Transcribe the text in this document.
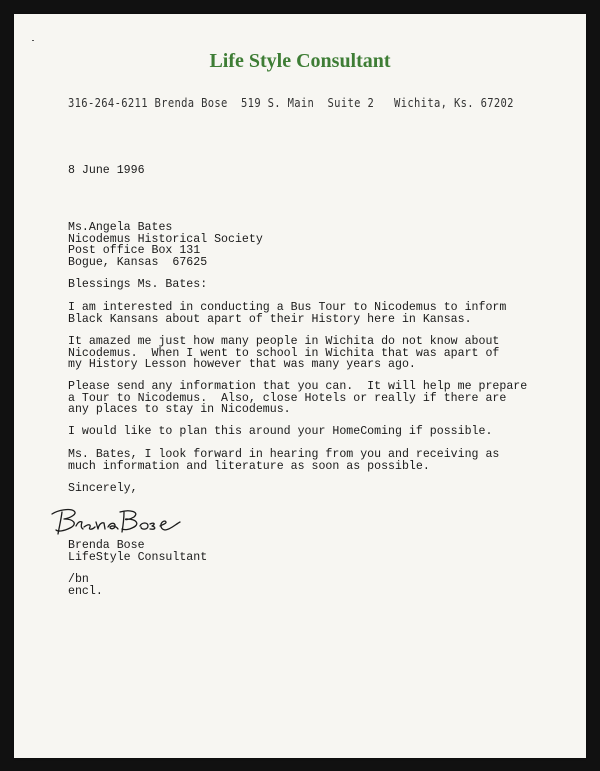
Life Style Consultant
316-264-6211 Brenda Bose  519 S. Main  Suite 2   Wichita, Ks. 67202

8 June 1996

Ms.Angela Bates
Nicodemus Historical Society
Post office Box 131
Bogue, Kansas  67625

Blessings Ms. Bates:

I am interested in conducting a Bus Tour to Nicodemus to inform
Black Kansans about apart of their History here in Kansas.
It amazed me just how many people in Wichita do not know about
Nicodemus.  When I went to school in Wichita that was apart of
my History Lesson however that was many years ago.
Please send any information that you can.  It will help me prepare
a Tour to Nicodemus.  Also, close Hotels or really if there are
any places to stay in Nicodemus.
I would like to plan this around your HomeComing if possible.
Ms. Bates, I look forward in hearing from you and receiving as
much information and literature as soon as possible.

Sincerely,

Brenda Bose

LifeStyle Consultant

/bn

encl.
